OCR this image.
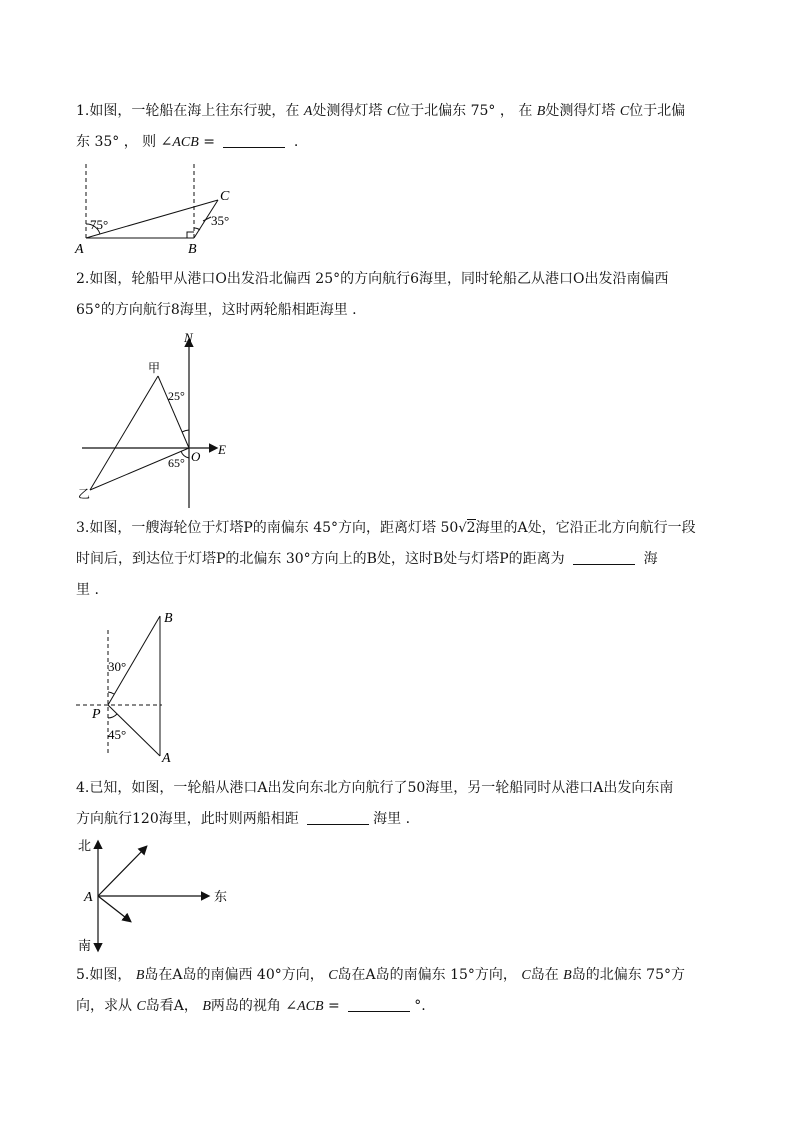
1.如图，一轮船在海上往东行驶，在 A处测得灯塔 C位于北偏东 75° ， 在 B处测得灯塔 C位于北偏
东 35° ， 则 ∠ACB =	.
75°	35°
A	B
C
2.如图，轮船甲从港口O出发沿北偏西 25°的方向航行6海里，同时轮船乙从港口O出发沿南偏西
65°的方向航行8海里，这时两轮船相距海里 .
N
E
O
甲
乙
25°
65°
3.如图，一艘海轮位于灯塔P的南偏东 45°方向，距离灯塔 50√2海里的A处，它沿正北方向航行一段
时间后，到达位于灯塔P的北偏东 30°方向上的B处，这时B处与灯塔P的距离为	海
里 .
B
A
P
30°
45°
4.已知，如图，一轮船从港口A出发向东北方向航行了50海里，另一轮船同时从港口A出发向东南
方向航行120海里，此时则两船相距	海里 .
北
南
东
A
5.如图， B岛在A岛的南偏西 40°方向， C岛在A岛的南偏东 15°方向， C岛在 B岛的北偏东 75°方
向，求从 C岛看A， B两岛的视角 ∠ACB =	°.
